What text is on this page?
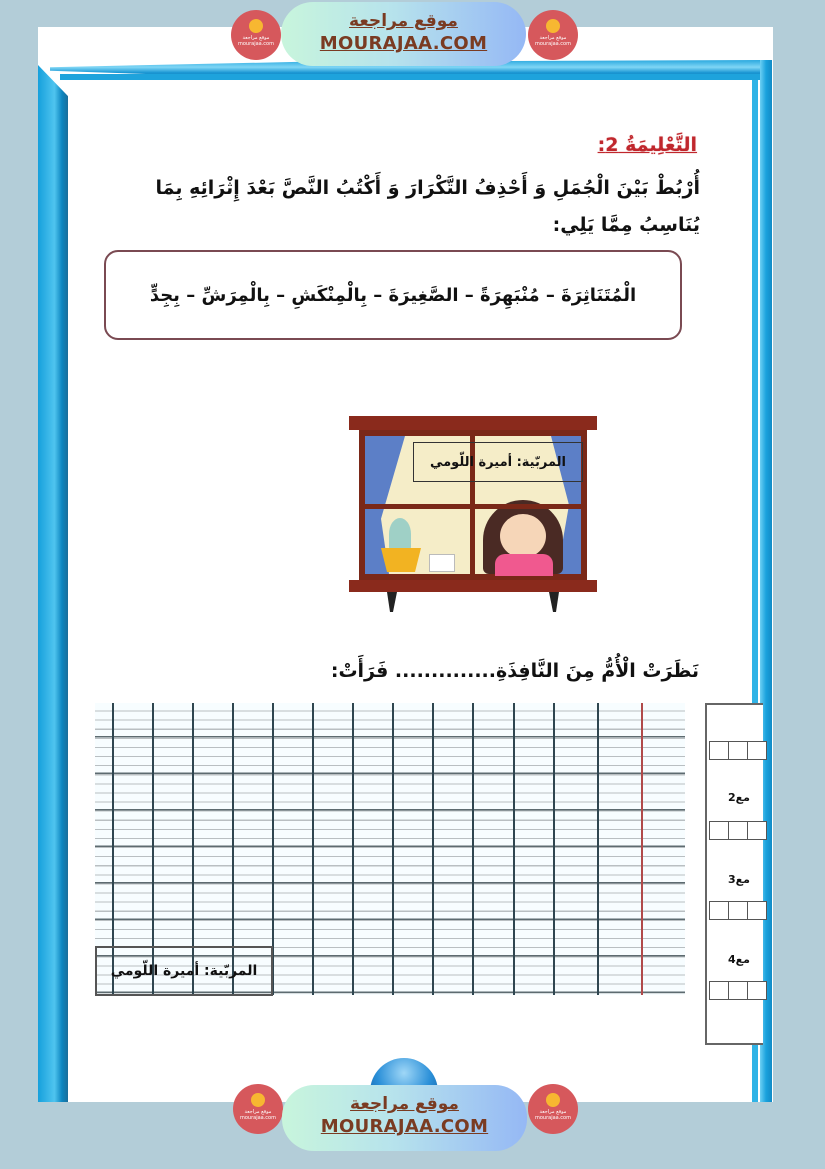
موقع مراجعة
mourajaa.com
موقع مراجعة
MOURAJAA.COM	موقع مراجعة
mourajaa.com
التَّعْلِيمَةُ 2:
أُرْبُطْ بَيْنَ الْجُمَلِ وَ أَحْذِفُ التَّكْرَارَ وَ أَكْتُبُ النَّصَّ بَعْدَ إِثْرَائِهِ بِمَا يُنَاسِبُ مِمَّا يَلِي:
الْمُتَنَاثِرَةَ – مُنْبَهِرَةً – الصَّغِيرَةَ – بِالْمِنْكَشِ – بِالْمِرَشِّ – بِجِدٍّ
المربّية: أميرة اللّومي
نَظَرَتْ الْأُمُّ مِنَ النَّافِذَةِ.............. فَرَأَتْ:
المربّية: أميرة اللّومي
مع2
مع3
مع4
موقع مراجعة
mourajaa.com
موقع مراجعة
MOURAJAA.COM
موقع مراجعة
mourajaa.com
